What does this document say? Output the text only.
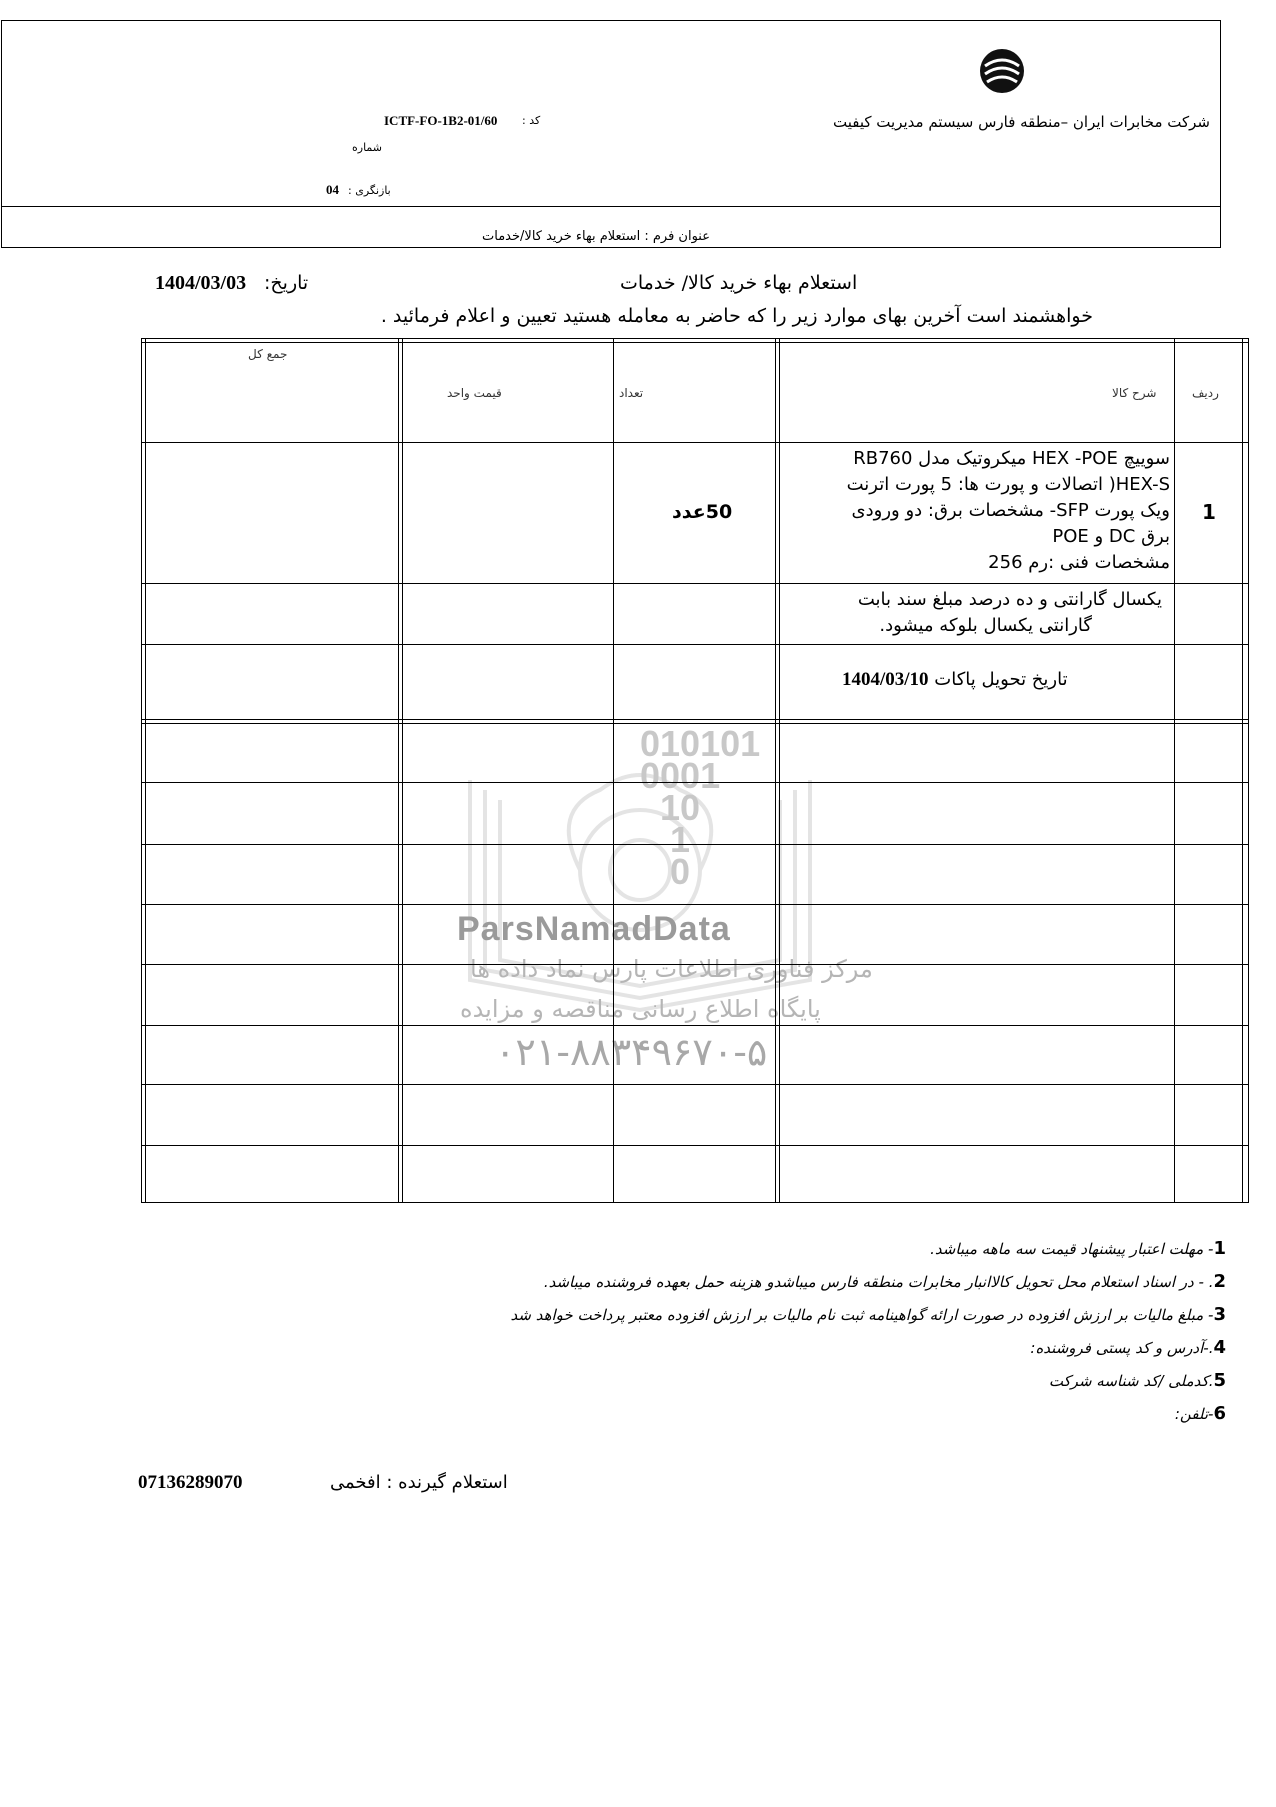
شرکت مخابرات ایران –منطقه فارس سیستم مدیریت کیفیت
کد :
ICTF-FO-1B2-01/60
شماره
بازنگری :
04
عنوان فرم : استعلام بهاء خرید کالا/خدمات
استعلام بهاء خرید کالا/ خدمات
تاریخ:
1404/03/03
خواهشمند است آخرین بهای موارد زیر را که حاضر به معامله هستید تعیین و اعلام فرمائید .
010101
0001
10
1
0
ParsNamadData
مرکز فناوری اطلاعات پارس نماد داده ها
پایگاه اطلاع رسانی مناقصه و مزایده
۰۲۱-۸۸۳۴۹۶۷۰-۵
ردیف
شرح کالا
تعداد
قیمت واحد
جمع کل
1
سوییچ HEX -POE میکروتیک مدل RB760
HEX-S( اتصالات و پورت ها: 5 پورت اترنت
ویک پورت SFP- مشخصات برق: دو ورودی
برق DC و POE
مشخصات فنی :رم 256
50عدد
یکسال گارانتی و ده درصد مبلغ سند بابت
گارانتی یکسال بلوکه میشود.
تاریخ تحویل پاکات 1404/03/10
1- مهلت اعتبار پیشنهاد قیمت سه ماهه میباشد.
2. - در اسناد استعلام محل تحویل کالاانبار مخابرات منطقه فارس میباشدو هزینه حمل بعهده فروشنده میباشد.
3- مبلغ مالیات بر ارزش افزوده در صورت ارائه گواهینامه ثبت نام مالیات بر ارزش افزوده معتبر پرداخت خواهد شد
4.-آدرس و کد پستی فروشنده:
5.کدملی /کد شناسه شرکت
6-تلفن:
استعلام گیرنده : افخمی
07136289070
